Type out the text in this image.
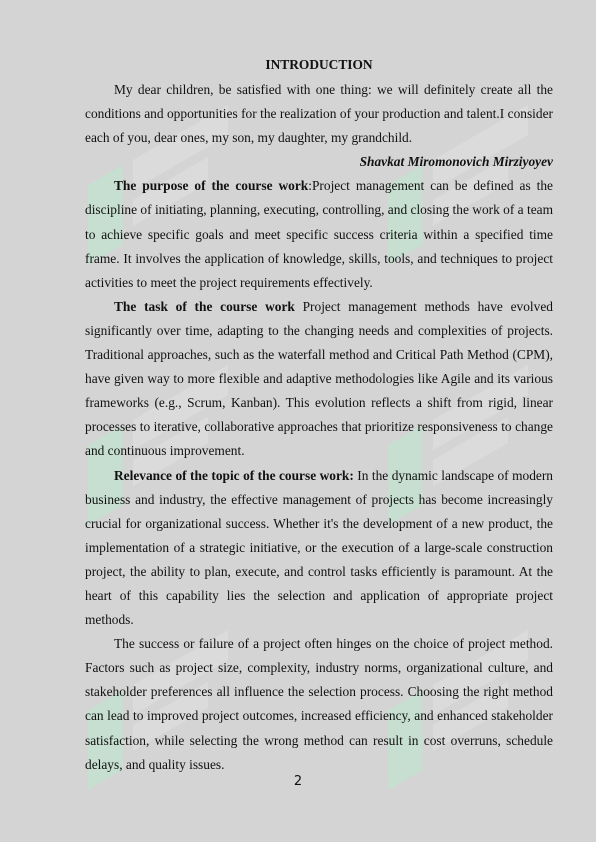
INTRODUCTION

My dear children, be satisfied with one thing: we will definitely create all the conditions and opportunities for the realization of your production and talent.I consider each of you, dear ones, my son, my daughter, my grandchild.

Shavkat Miromonovich Mirziyoyev

The purpose of the course work:Project management can be defined as the discipline of initiating, planning, executing, controlling, and closing the work of a team to achieve specific goals and meet specific success criteria within a specified time frame. It involves the application of knowledge, skills, tools, and techniques to project activities to meet the project requirements effectively.

The task of the course work Project management methods have evolved significantly over time, adapting to the changing needs and complexities of projects. Traditional approaches, such as the waterfall method and Critical Path Method (CPM), have given way to more flexible and adaptive methodologies like Agile and its various frameworks (e.g., Scrum, Kanban). This evolution reflects a shift from rigid, linear processes to iterative, collaborative approaches that prioritize responsiveness to change and continuous improvement.

Relevance of the topic of the course work: In the dynamic landscape of modern business and industry, the effective management of projects has become increasingly crucial for organizational success. Whether it's the development of a new product, the implementation of a strategic initiative, or the execution of a large-scale construction project, the ability to plan, execute, and control tasks efficiently is paramount. At the heart of this capability lies the selection and application of appropriate project methods.

The success or failure of a project often hinges on the choice of project method. Factors such as project size, complexity, industry norms, organizational culture, and stakeholder preferences all influence the selection process. Choosing the right method can lead to improved project outcomes, increased efficiency, and enhanced stakeholder satisfaction, while selecting the wrong method can result in cost overruns, schedule delays, and quality issues.

2
